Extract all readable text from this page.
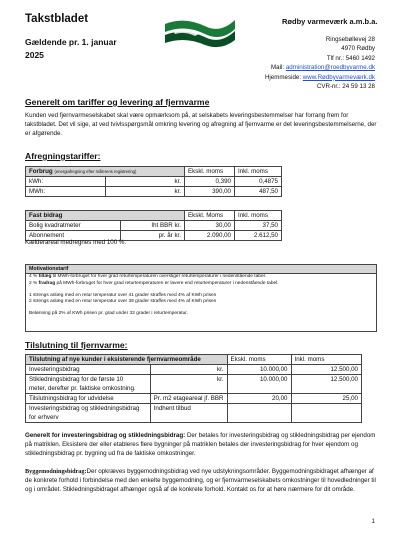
Takstbladet
Gældende pr. 1. januar
2025
Rødby varmeværk a.m.b.a.
Ringsebøllevej 28
4970 Rødby
Tlf nr.: 5460 1492
Mail: administration@roedbyvarme.dk
Hjemmeside: www.Rødbyvarmeværk.dk
CVR-nr.: 24 59 13 28
Generelt om tariffer og levering af fjernvarme
Kunden ved fjernvarmeselskabet skal være opmærksom på, at selskabets leveringsbestemmelser har forrang frem for takstbladet. Det vil sige, at ved tvivlsspørgsmål omkring levering og afregning af fjernvarme er det leveringsbestemmelserne, der er afgørende.
Afregningstariffer:
Forbrug (energiafregning efter målerens registrering)		Ekskl. moms	Inkl. moms
kWh:	kr.	0,390	0,4875
MWh:	kr.	390,00	487,50
Fast bidrag		Ekskl. Moms	Inkl. moms
Bolig kvadratmeter	Iht BBR kr.	30,00	37,50
Abonnement	pr. år kr.	2.090,00	2.612,50
Kælderareal medregnes med 100 %.
Motivationstarif
4 % tillæg til MWh-forbruget for hver grad returtemperaturen overstiger returtemperaturer i nedenstående tabel.
2 % fradrag på MWh-forbruget for hver grad returtemperaturen er lavere end returtemperaturer i nedenstående tabel.
1 strengs anlæg med en retur temperatur over 41 grader straffes med 4% af KWh prisen
2 strengs anlæg med en retur temperatur over 39 grader straffes med 4% af KWh prisen
Belønning på 2% af KWh prisen pr. grad under 32 grader i returtemperatur.
Tilslutning til fjernvarme:
Tilslutning af nye kunder i eksisterende fjernvarmeområde		Ekskl. moms	Inkl. moms
Investeringsbidrag	kr.	10.000,00	12.500,00

Stikledningsbidrag for de første 10
meter, derefter pr. faktiske omkostning.	kr.	10.000,00	12.500,00
Tilslutningsbidrag for udvidelse	Pr. m2 etageareal jf. BBR	20,00	25,00

Investeringsbidrag og stikledningsbidrag
for erhverv	Indhent tilbud		
Generelt for investeringsbidrag og stikledningsbidrag: Der betales for investeringsbidrag og stikledningsbidrag per ejendom på matriklen. Eksistere der eller etableres flere bygninger på matriklen betales der investeringsbidrag for hver ejendom og stikledningsbidrag pr. bygning ud fra de faktiske omkostninger.
Byggemodningsbidrag:Der opkræves byggemodningsbidrag ved nye udstykningsområder. Byggemodningsbidraget afhænger af de konkrete forhold i forbindelse med den enkelte byggemodning, og er fjernvarmeselskabets omkostninger til hovedledninger til og i området. Stikledningsbidraget afhænger også af de konkrete forhold. Kontakt os for at høre nærmere for dit område.
1
